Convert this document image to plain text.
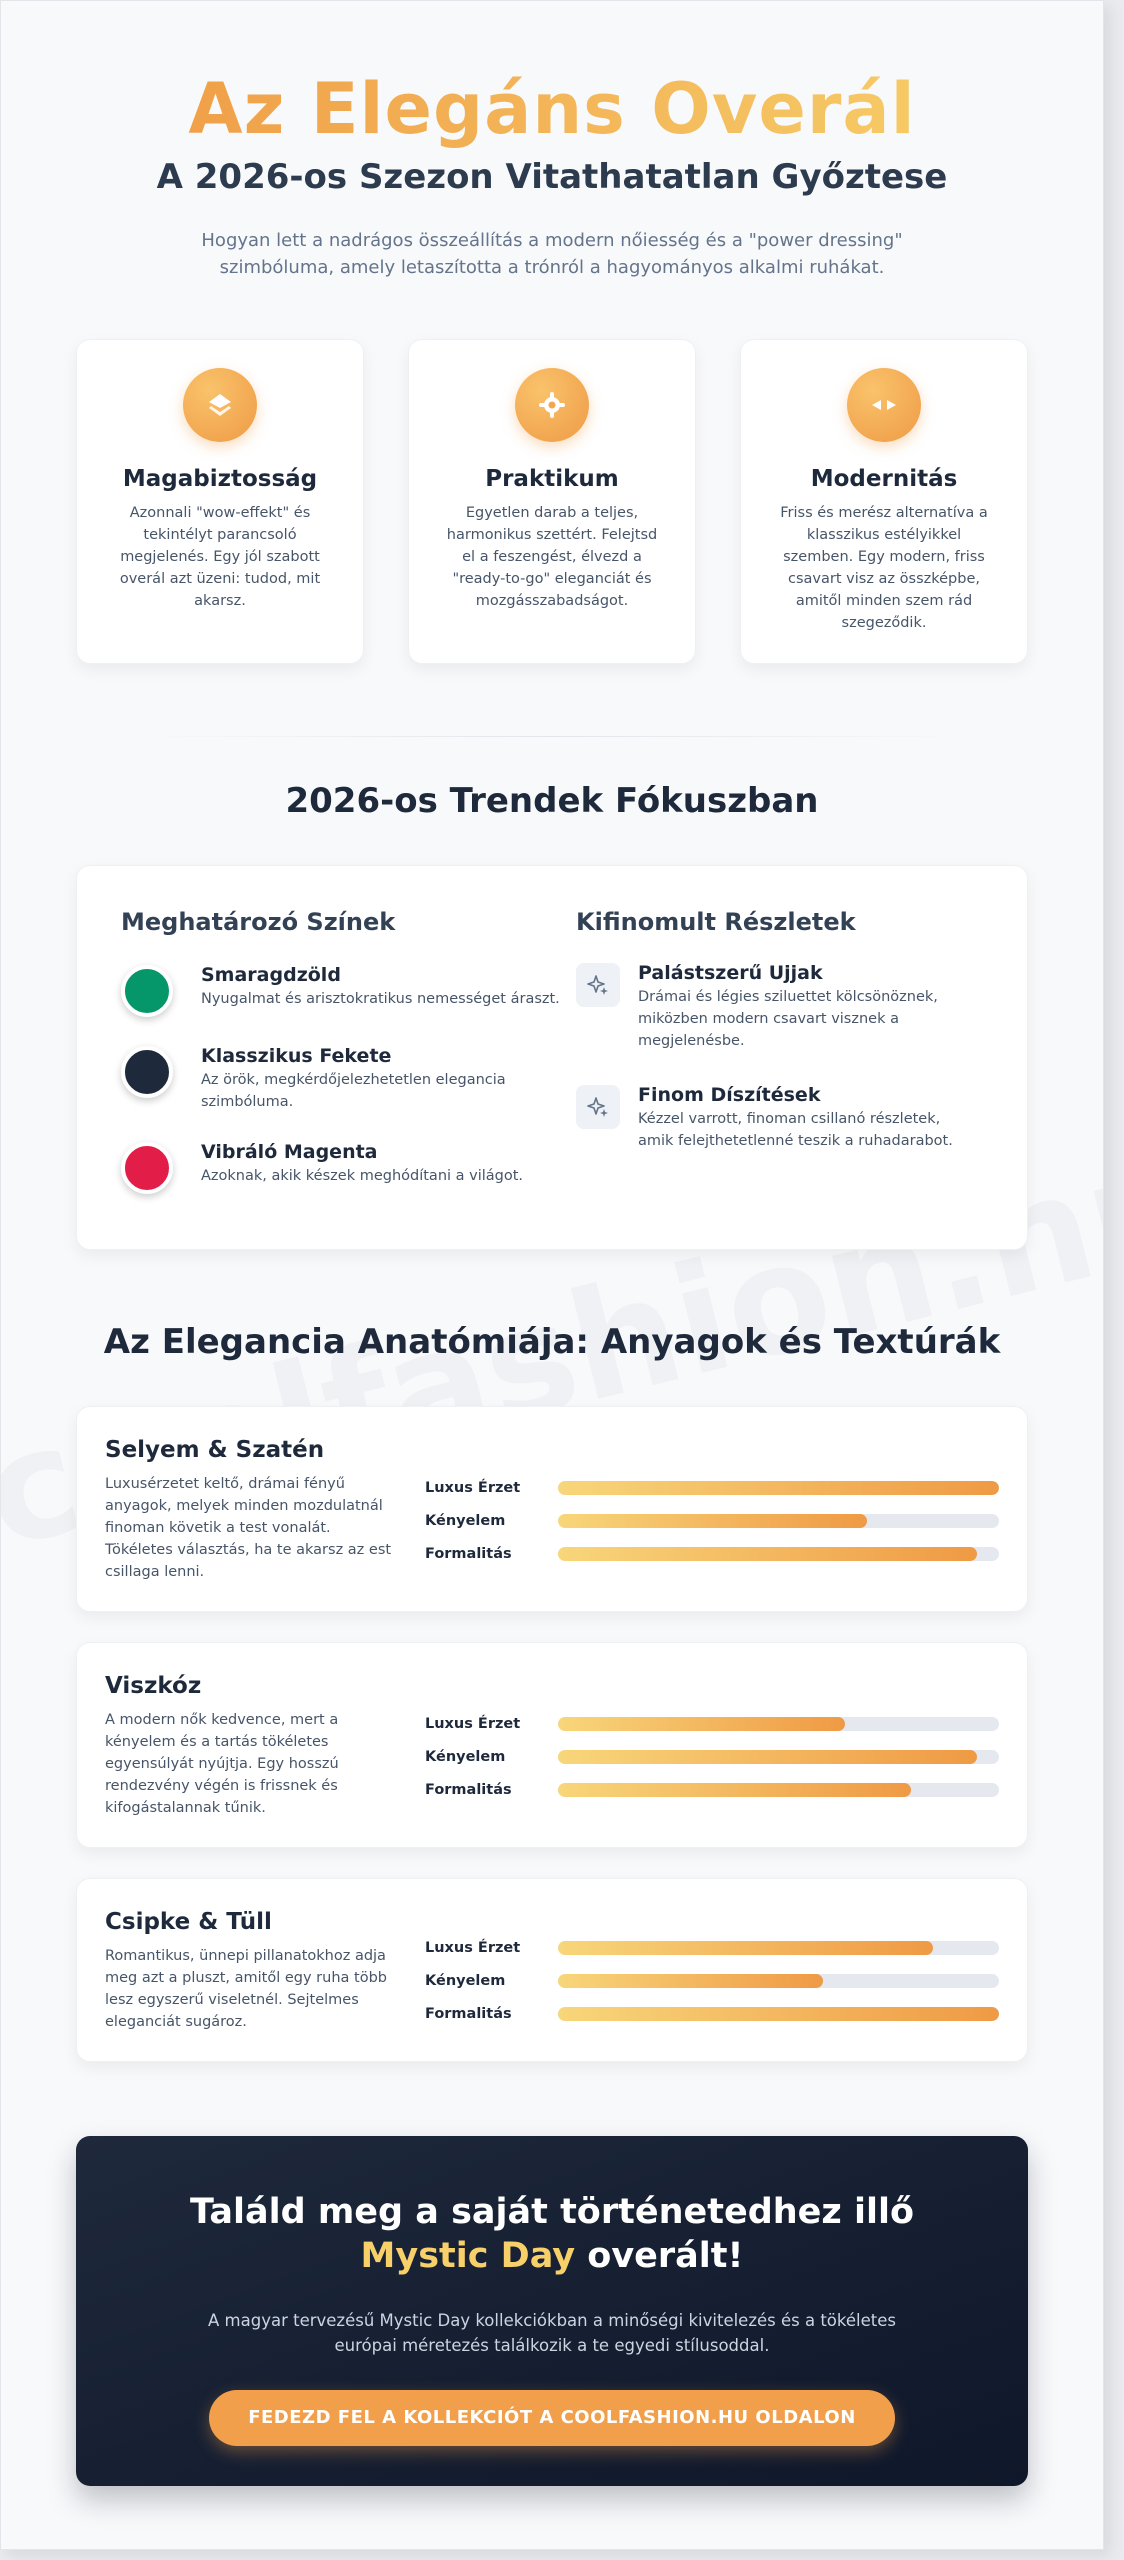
Az Elegáns Overál
A 2026-os Szezon Vitathatatlan Győztese

Hogyan lett a nadrágos összeállítás a modern nőiesség és a "power dressing" szimbóluma, amely letaszította a trónról a hagyományos alkalmi ruhákat.

Magabiztosság

Azonnali "wow-effekt" és tekintélyt parancsoló megjelenés. Egy jól szabott overál azt üzeni: tudod, mit akarsz.

Praktikum

Egyetlen darab a teljes, harmonikus szettért. Felejtsd el a feszengést, élvezd a "ready-to-go" eleganciát és mozgásszabadságot.

Modernitás

Friss és merész alternatíva a klasszikus estélyikkel szemben. Egy modern, friss csavart visz az összképbe, amitől minden szem rád szegeződik.

2026-os Trendek Fókuszban
Meghatározó Színek
Smaragdzöld
Nyugalmat és arisztokratikus nemességet áraszt.
Klasszikus Fekete
Az örök, megkérdőjelezhetetlen elegancia szimbóluma.
Vibráló Magenta
Azoknak, akik készek meghódítani a világot.
Kifinomult Részletek
Palástszerű Ujjak
Drámai és légies sziluettet kölcsönöznek, miközben modern csavart visznek a megjelenésbe.
Finom Díszítések
Kézzel varrott, finoman csillanó részletek, amik felejthetetlenné teszik a ruhadarabot.
Az Elegancia Anatómiája: Anyagok és Textúrák
Selyem & Szatén

Luxusérzetet keltő, drámai fényű anyagok, melyek minden mozdulatnál finoman követik a test vonalát. Tökéletes választás, ha te akarsz az est csillaga lenni.

Luxus Érzet
Kényelem
Formalitás
Viszkóz

A modern nők kedvence, mert a kényelem és a tartás tökéletes egyensúlyát nyújtja. Egy hosszú rendezvény végén is frissnek és kifogástalannak tűnik.

Luxus Érzet
Kényelem
Formalitás
Csipke & Tüll

Romantikus, ünnepi pillanatokhoz adja meg azt a pluszt, amitől egy ruha több lesz egyszerű viseletnél. Sejtelmes eleganciát sugároz.

Luxus Érzet
Kényelem
Formalitás
Találd meg a saját történetedhez illő Mystic Day overált!

A magyar tervezésű Mystic Day kollekciókban a minőségi kivitelezés és a tökéletes európai méretezés találkozik a te egyedi stílusoddal.

FEDEZD FEL A KOLLEKCIÓT A COOLFASHION.HU OLDALON
